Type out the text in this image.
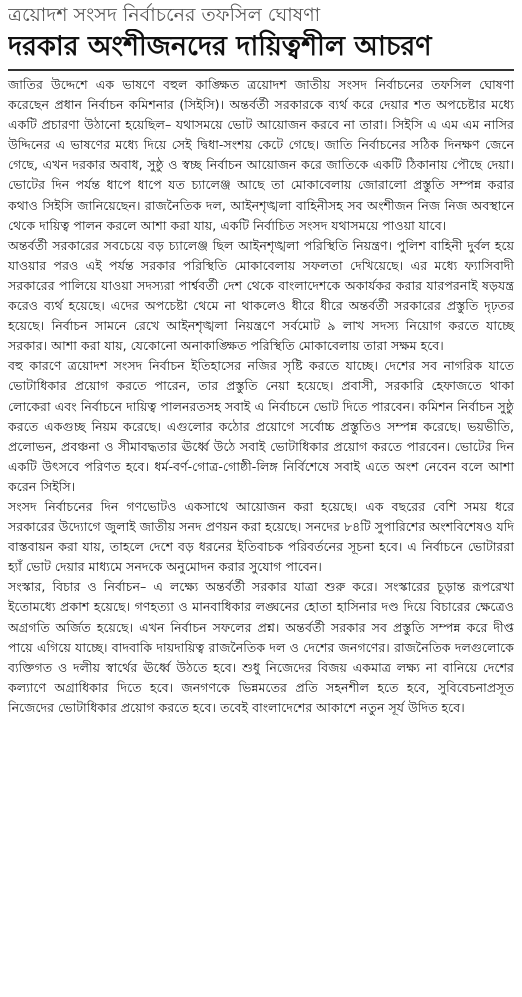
ত্রয়োদশ সংসদ নির্বাচনের তফসিল ঘোষণা
দরকার অংশীজনদের দায়িত্বশীল আচরণ

জাতির উদ্দেশে এক ভাষণে বহুল কাঙ্ক্ষিত ত্রয়োদশ জাতীয় সংসদ নির্বাচনের তফসিল ঘোষণা করেছেন প্রধান নির্বাচন কমিশনার (সিইসি)। অন্তর্বর্তী সরকারকে ব্যর্থ করে দেয়ার শত অপচেষ্টার মধ্যে একটি প্রচারণা উঠানো হয়েছিল– যথাসময়ে ভোট আয়োজন করবে না তারা। সিইসি এ এম এম নাসির উদ্দিনের এ ভাষণের মধ্যে দিয়ে সেই দ্বিধা-সংশয় কেটে গেছে। জাতি নির্বাচনের সঠিক দিনক্ষণ জেনে গেছে, এখন দরকার অবাধ, সুষ্ঠু ও স্বচ্ছ নির্বাচন আয়োজন করে জাতিকে একটি ঠিকানায় পৌছে দেয়া। ভোটের দিন পর্যন্ত ধাপে ধাপে যত চ্যালেঞ্জ আছে তা মোকাবেলায় জোরালো প্রস্তুতি সম্পন্ন করার কথাও সিইসি জানিয়েছেন। রাজনৈতিক দল, আইনশৃঙ্খলা বাহিনীসহ সব অংশীজন নিজ নিজ অবস্থানে থেকে দায়িত্ব পালন করলে আশা করা যায়, একটি নির্বাচিত সংসদ যথাসময়ে পাওয়া যাবে।

অন্তর্বর্তী সরকারের সবচেয়ে বড় চ্যালেঞ্জ ছিল আইনশৃঙ্খলা পরিস্থিতি নিয়ন্ত্রণ। পুলিশ বাহিনী দুর্বল হয়ে যাওয়ার পরও এই পর্যন্ত সরকার পরিস্থিতি মোকাবেলায় সফলতা দেখিয়েছে। এর মধ্যে ফ্যাসিবাদী সরকারের পালিয়ে যাওয়া সদস্যরা পার্শ্ববর্তী দেশ থেকে বাংলাদেশকে অকার্যকর করার যারপরনাই ষড়যন্ত্র করেও ব্যর্থ হয়েছে। এদের অপচেষ্টা থেমে না থাকলেও ধীরে ধীরে অন্তর্বর্তী সরকারের প্রস্তুতি দৃঢ়তর হয়েছে। নির্বাচন সামনে রেখে আইনশৃঙ্খলা নিয়ন্ত্রণে সর্বমোট ৯ লাখ সদস্য নিয়োগ করতে যাচ্ছে সরকার। আশা করা যায়, যেকোনো অনাকাঙ্ক্ষিত পরিস্থিতি মোকাবেলায় তারা সক্ষম হবে।

বহু কারণে ত্রয়োদশ সংসদ নির্বাচন ইতিহাসের নজির সৃষ্টি করতে যাচ্ছে। দেশের সব নাগরিক যাতে ভোটাধিকার প্রয়োগ করতে পারেন, তার প্রস্তুতি নেয়া হয়েছে। প্রবাসী, সরকারি হেফাজতে থাকা লোকেরা এবং নির্বাচনে দায়িত্ব পালনরতসহ সবাই এ নির্বাচনে ভোট দিতে পারবেন। কমিশন নির্বাচন সুষ্ঠু করতে একগুচ্ছ নিয়ম করেছে। এগুলোর কঠোর প্রয়োগে সর্বোচ্চ প্রস্তুতিও সম্পন্ন করেছে। ভয়ভীতি, প্রলোভন, প্রবঞ্চনা ও সীমাবদ্ধতার ঊর্ধ্বে উঠে সবাই ভোটাধিকার প্রয়োগ করতে পারবেন। ভোটের দিন একটি উৎসবে পরিণত হবে। ধর্ম-বর্ণ-গোত্র-গোষ্ঠী-লিঙ্গ নির্বিশেষে সবাই এতে অংশ নেবেন বলে আশা করেন সিইসি।

সংসদ নির্বাচনের দিন গণভোটও একসাথে আয়োজন করা হয়েছে। এক বছরের বেশি সময় ধরে সরকারের উদ্যোগে জুলাই জাতীয় সনদ প্রণয়ন করা হয়েছে। সনদের ৮৪টি সুপারিশের অংশবিশেষও যদি বাস্তবায়ন করা যায়, তাহলে দেশে বড় ধরনের ইতিবাচক পরিবর্তনের সূচনা হবে। এ নির্বাচনে ভোটাররা হ্যাঁ ভোট দেয়ার মাধ্যমে সনদকে অনুমোদন করার সুযোগ পাবেন।

সংস্কার, বিচার ও নির্বাচন– এ লক্ষ্যে অন্তর্বর্তী সরকার যাত্রা শুরু করে। সংস্কারের চূড়ান্ত রূপরেখা ইতোমধ্যে প্রকাশ হয়েছে। গণহত্যা ও মানবাধিকার লঙ্ঘনের হোতা হাসিনার দণ্ড দিয়ে বিচারের ক্ষেত্রেও অগ্রগতি অর্জিত হয়েছে। এখন নির্বাচন সফলের প্রশ্ন। অন্তর্বর্তী সরকার সব প্রস্তুতি সম্পন্ন করে দীপ্ত পায়ে এগিয়ে যাচ্ছে। বাদবাকি দায়দায়িত্ব রাজনৈতিক দল ও দেশের জনগণের। রাজনৈতিক দলগুলোকে ব্যক্তিগত ও দলীয় স্বার্থের ঊর্ধ্বে উঠতে হবে। শুধু নিজেদের বিজয় একমাত্র লক্ষ্য না বানিয়ে দেশের কল্যাণে অগ্রাধিকার দিতে হবে। জনগণকে ভিন্নমতের প্রতি সহনশীল হতে হবে, সুবিবেচনাপ্রসূত নিজেদের ভোটাধিকার প্রয়োগ করতে হবে। তবেই বাংলাদেশের আকাশে নতুন সূর্য উদিত হবে।
